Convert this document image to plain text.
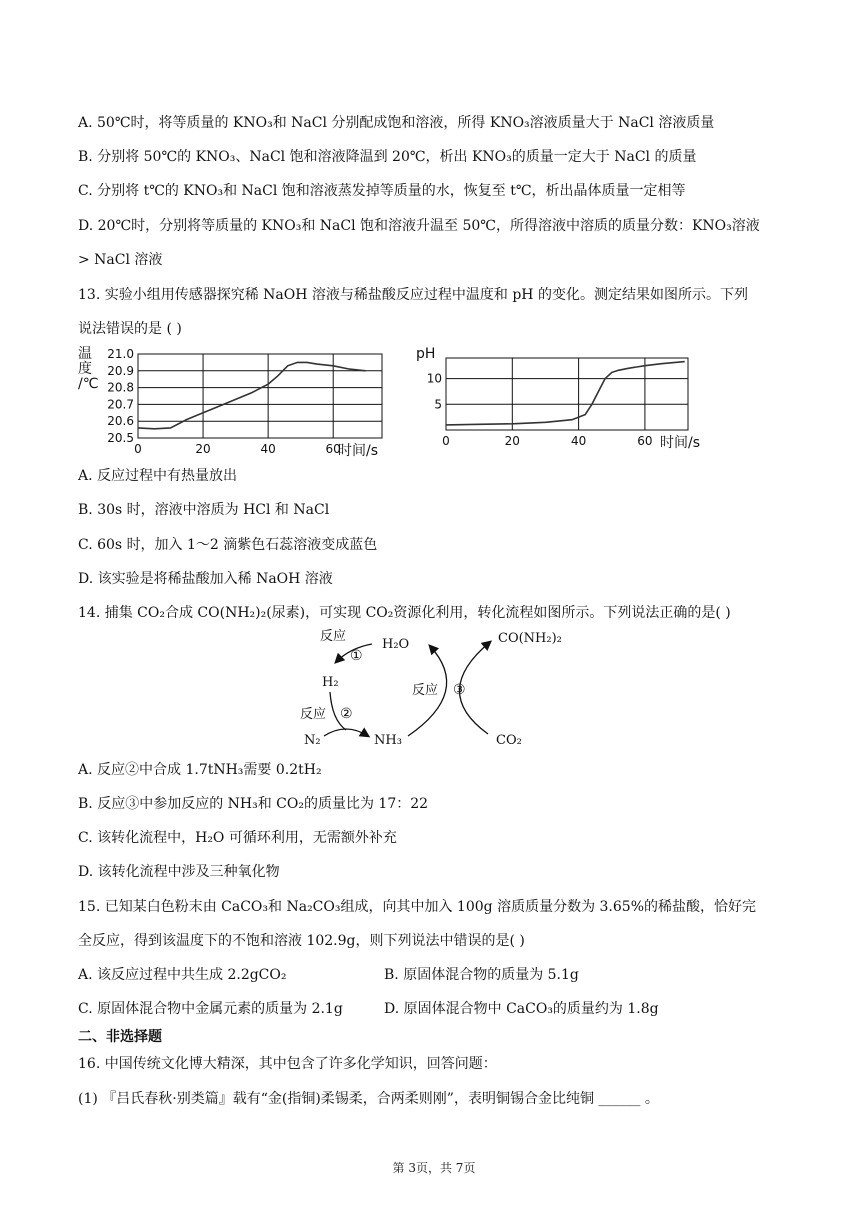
A. 50℃时，将等质量的 KNO₃和 NaCl 分别配成饱和溶液，所得 KNO₃溶液质量大于 NaCl 溶液质量
B. 分别将 50℃的 KNO₃、NaCl 饱和溶液降温到 20℃，析出 KNO₃的质量一定大于 NaCl 的质量
C. 分别将 t℃的 KNO₃和 NaCl 饱和溶液蒸发掉等质量的水，恢复至 t℃，析出晶体质量一定相等
D. 20℃时，分别将等质量的 KNO₃和 NaCl 饱和溶液升温至 50℃，所得溶液中溶质的质量分数：KNO₃溶液
> NaCl 溶液
13. 实验小组用传感器探究稀 NaOH 溶液与稀盐酸反应过程中温度和 pH 的变化。测定结果如图所示。下列
说法错误的是 ( )
20.5
20.6
20.7
20.8
20.9
21.0
0	20	40	60
时间/s
温
度
/℃
5
10
0	20	40	60 时间/s
pH
A. 反应过程中有热量放出
B. 30s 时，溶液中溶质为 HCl 和 NaCl
C. 60s 时，加入 1～2 滴紫色石蕊溶液变成蓝色
D. 该实验是将稀盐酸加入稀 NaOH 溶液
14. 捕集 CO₂合成 CO(NH₂)₂(尿素)，可实现 CO₂资源化利用，转化流程如图所示。下列说法正确的是( )
反应
①
H₂O	CO(NH₂)₂
H₂
反应 ②
N₂	NH₃
反应 ③
CO₂
A. 反应②中合成 1.7tNH₃需要 0.2tH₂
B. 反应③中参加反应的 NH₃和 CO₂的质量比为 17：22
C. 该转化流程中，H₂O 可循环利用，无需额外补充
D. 该转化流程中涉及三种氧化物
15. 已知某白色粉末由 CaCO₃和 Na₂CO₃组成，向其中加入 100g 溶质质量分数为 3.65%的稀盐酸，恰好完
全反应，得到该温度下的不饱和溶液 102.9g，则下列说法中错误的是( )
A. 该反应过程中共生成 2.2gCO₂	B. 原固体混合物的质量为 5.1g
C. 原固体混合物中金属元素的质量为 2.1g	D. 原固体混合物中 CaCO₃的质量约为 1.8g
二、非选择题
16. 中国传统文化博大精深，其中包含了许多化学知识，回答问题：
(1) 『吕氏春秋·别类篇』载有“金(指铜)柔锡柔，合两柔则刚”，表明铜锡合金比纯铜 ______ 。
第 3页，共 7页
